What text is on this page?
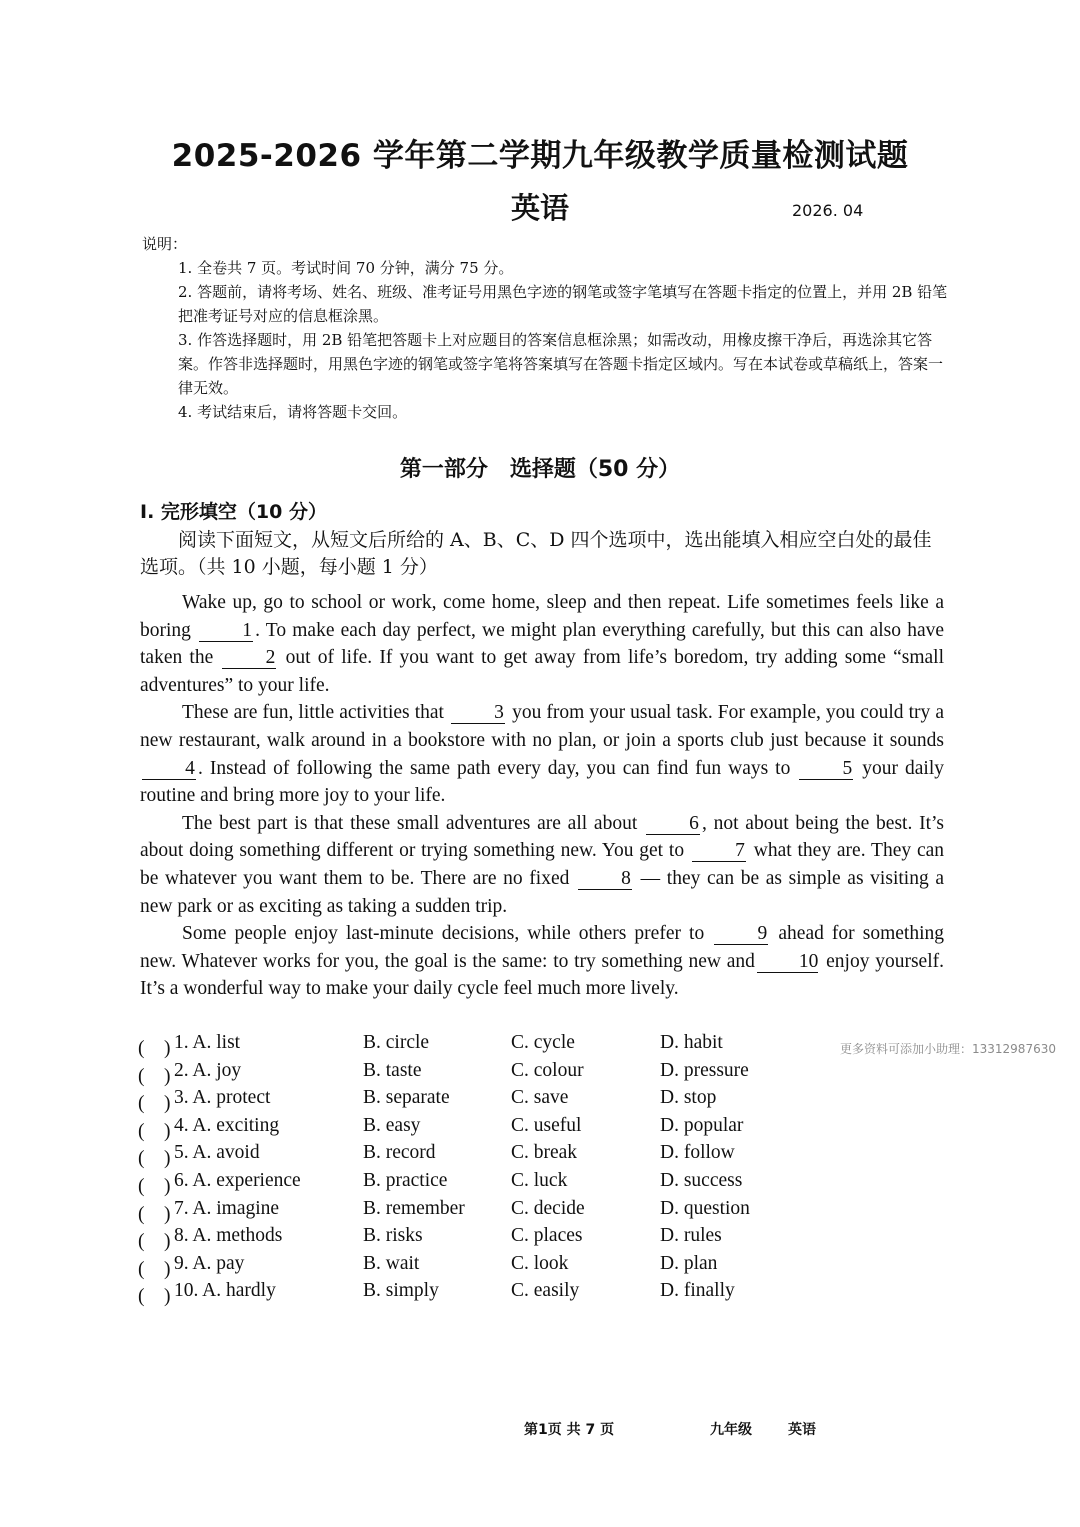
2025-2026 学年第二学期九年级教学质量检测试题
英语	2026. 04
说明：

1. 全卷共 7 页。考试时间 70 分钟，满分 75 分。

2. 答题前，请将考场、姓名、班级、准考证号用黑色字迹的钢笔或签字笔填写在答题卡指定的位置上，并用 2B 铅笔把准考证号对应的信息框涂黑。

3. 作答选择题时，用 2B 铅笔把答题卡上对应题目的答案信息框涂黑；如需改动，用橡皮擦干净后，再选涂其它答案。作答非选择题时，用黑色字迹的钢笔或签字笔将答案填写在答题卡指定区域内。写在本试卷或草稿纸上，答案一律无效。

4. 考试结束后，请将答题卡交回。

第一部分　选择题（50 分）
I. 完形填空（10 分）
阅读下面短文，从短文后所给的 A、B、C、D 四个选项中，选出能填入相应空白处的最佳选项。（共 10 小题，每小题 1 分）

Wake up, go to school or work, come home, sleep and then repeat. Life sometimes feels like a boring 1 . To make each day perfect, we might plan everything carefully, but this can also have taken the 2 out of life. If you want to get away from life’s boredom, try adding some “small adventures” to your life.

These are fun, little activities that 3 you from your usual task. For example, you could try a new restaurant, walk around in a bookstore with no plan, or join a sports club just because it sounds 4 . Instead of following the same path every day, you can find fun ways to 5 your daily routine and bring more joy to your life.

The best part is that these small adventures are all about 6 , not about being the best. It’s about doing something different or trying something new. You get to 7 what they are. They can be whatever you want them to be. There are no fixed 8 — they can be as simple as visiting a new park or as exciting as taking a sudden trip.

Some people enjoy last-minute decisions, while others prefer to 9 ahead for something new. Whatever works for you, the goal is the same: to try something new and 10 enjoy yourself. It’s a wonderful way to make your daily cycle feel much more lively.

(　) 1. A. list	B. circle	C. cycle	D. habit
(　) 2. A. joy	B. taste	C. colour	D. pressure
(　) 3. A. protect	B. separate	C. save	D. stop
(　) 4. A. exciting	B. easy	C. useful	D. popular
(　) 5. A. avoid	B. record	C. break	D. follow
(　) 6. A. experience	B. practice	C. luck	D. success
(　) 7. A. imagine	B. remember C. decide	D. question
(　) 8. A. methods	B. risks	C. places	D. rules
(　) 9. A. pay	B. wait	C. look	D. plan
(　) 10. A. hardly	B. simply	C. easily	D. finally
更多资料可添加小助理：13312987630
第1页 共 7 页	九年级	英语
